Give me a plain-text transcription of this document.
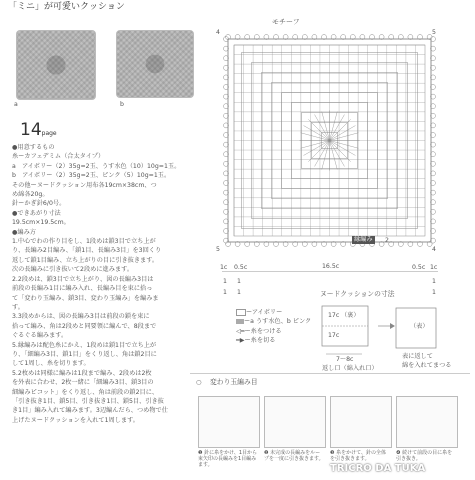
「ミニ」が可愛いクッション
a	b
14page
●用意するもの
糸ーカフェデミム（合太タイプ）
a　アイボリー（2）35g=2玉、うす水色（10）10g=1玉。
b　アイボリー（2）35g=2玉、ピンク（5）10g=1玉。
その他ーヌードクッション用布各19cm×38cm、つ
め綿各20g。
針ーかぎ針6/0号。
●できあがり寸法
19.5cm×19.5cm。
●編み方
1.中心でわの作り目をし、1段めは鎖3目で立ち上が
り、長編み2目編み、「鎖1目、長編み3目」を3回くり
返して鎖1目編み、立ち上がりの目に引き抜きます。
次の長編みに引き抜いて2段めに進みます。
2.2段めは、鎖3目で立ち上がり、図の長編み3目は
前段の長編み1目に編み入れ、長編み目を束に拾っ
て「変わり玉編み、鎖3目、変わり玉編み」を編みま
す。
3.3段めからは、図の長編み3目は前段の鎖を束に
拾って編み、角は2段めと同要領に編んで、8段まで
ぐるぐる編みます。
5.縁編みは配色糸にかえ、1段めは鎖1目で立ち上が
り、「細編み3目、鎖1目」をくり返し、角は鎖2目に
して1周し、糸を切ります。
5.2枚めは同様に編みは1段まで編み、2段めは2枚
を外表に合わせ、2枚一緒に「細編み3目、鎖3目の
細編みピコット」をくり返し、角は前段の鎖2目に、
「引き抜き1目、鎖5目、引き抜き1目、鎖5目、引き抜
き1目」編み入れて編みます。3辺編んだら、つめ物で仕
上げたヌードクッションを入れて1周します。
モチーフ
4	5
4
5
縁編み	2
1c 0.5c	16.5c	1c
0.5c
1
1
1
1
1
1
ヌードクッションの寸法
ーアイボリー
ーa うす水色、b ピンク
◁━ー糸をつける
━▶ー糸を切る
17c （裏）
17c
7〜8c
返し口（綿入れ口）
（表）
表に返して
綿を入れてまつる
○ 変わり玉編み目
❶ 針に糸をかけ、1目から束矢印の長編みを1目編みます。
❷ 未完成の長編みをループを一度に引き抜きます。
❸ 糸をかけて、針の全体を引き抜きます。
❹ 続けて前段の目に糸を引き抜き。
TRICRO DA TUKA
